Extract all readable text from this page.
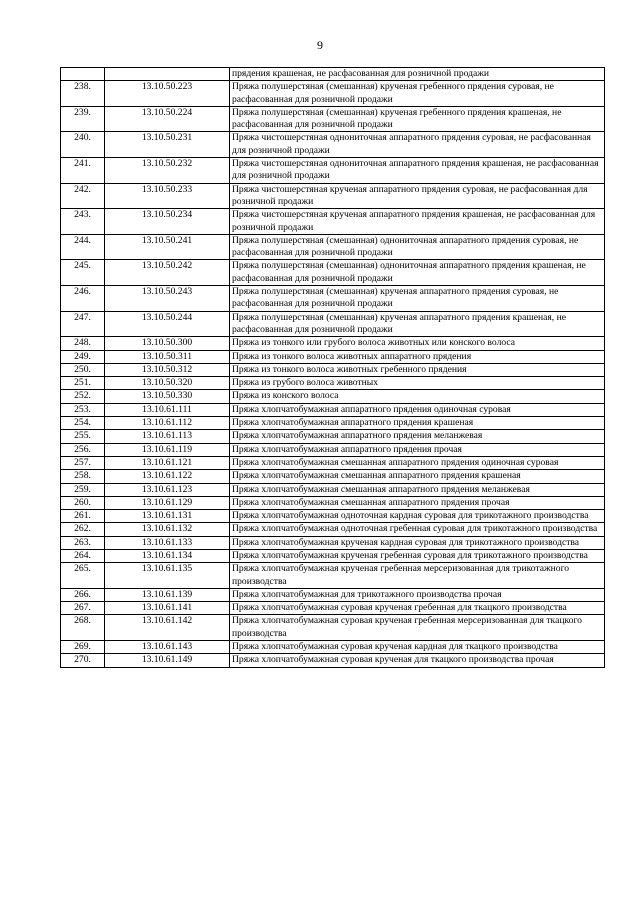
9
		прядения крашеная, не расфасованная для розничной продажи
238.	13.10.50.223	Пряжа полушерстяная (смешанная) крученая гребенного прядения суровая, не расфасованная для розничной продажи
239.	13.10.50.224	Пряжа полушерстяная (смешанная) крученая гребенного прядения крашеная, не расфасованная для розничной продажи
240.	13.10.50.231	Пряжа чистошерстяная однониточная аппаратного прядения суровая, не расфасованная для розничной продажи
241.	13.10.50.232	Пряжа чистошерстяная однониточная аппаратного прядения крашеная, не расфасованная для розничной продажи
242.	13.10.50.233	Пряжа чистошерстяная крученая аппаратного прядения суровая, не расфасованная для розничной продажи
243.	13.10.50.234	Пряжа чистошерстяная крученая аппаратного прядения крашеная, не расфасованная для розничной продажи
244.	13.10.50.241	Пряжа полушерстяная (смешанная) однониточная аппаратного прядения суровая, не расфасованная для розничной продажи
245.	13.10.50.242	Пряжа полушерстяная (смешанная) однониточная аппаратного прядения крашеная, не расфасованная для розничной продажи
246.	13.10.50.243	Пряжа полушерстяная (смешанная) крученая аппаратного прядения суровая, не расфасованная для розничной продажи
247.	13.10.50.244	Пряжа полушерстяная (смешанная) крученая аппаратного прядения крашеная, не расфасованная для розничной продажи
248.	13.10.50.300	Пряжа из тонкого или грубого волоса животных или конского волоса
249.	13.10.50.311	Пряжа из тонкого волоса животных аппаратного прядения
250.	13.10.50.312	Пряжа из тонкого волоса животных гребенного прядения
251.	13.10.50.320	Пряжа из грубого волоса животных
252.	13.10.50.330	Пряжа из конского волоса
253.	13.10.61.111	Пряжа хлопчатобумажная аппаратного прядения одиночная суровая
254.	13.10.61.112	Пряжа хлопчатобумажная аппаратного прядения крашеная
255.	13.10.61.113	Пряжа хлопчатобумажная аппаратного прядения меланжевая
256.	13.10.61.119	Пряжа хлопчатобумажная аппаратного прядения прочая
257.	13.10.61.121	Пряжа хлопчатобумажная смешанная аппаратного прядения одиночная суровая
258.	13.10.61.122	Пряжа хлопчатобумажная смешанная аппаратного прядения крашеная
259.	13.10.61.123	Пряжа хлопчатобумажная смешанная аппаратного прядения меланжевая
260.	13.10.61.129	Пряжа хлопчатобумажная смешанная аппаратного прядения прочая
261.	13.10.61.131	Пряжа хлопчатобумажная одноточная кардная суровая для трикотажного производства
262.	13.10.61.132	Пряжа хлопчатобумажная одноточная гребенная суровая для трикотажного производства
263.	13.10.61.133	Пряжа хлопчатобумажная крученая кардная суровая для трикотажного производства
264.	13.10.61.134	Пряжа хлопчатобумажная крученая гребенная суровая для трикотажного производства
265.	13.10.61.135	Пряжа хлопчатобумажная крученая гребенная мерсеризованная для трикотажного производства
266.	13.10.61.139	Пряжа хлопчатобумажная для трикотажного производства прочая
267.	13.10.61.141	Пряжа хлопчатобумажная суровая крученая гребенная для ткацкого производства
268.	13.10.61.142	Пряжа хлопчатобумажная суровая крученая гребенная мерсеризованная для ткацкого производства
269.	13.10.61.143	Пряжа хлопчатобумажная суровая крученая кардная для ткацкого производства
270.	13.10.61.149	Пряжа хлопчатобумажная суровая крученая для ткацкого производства прочая
